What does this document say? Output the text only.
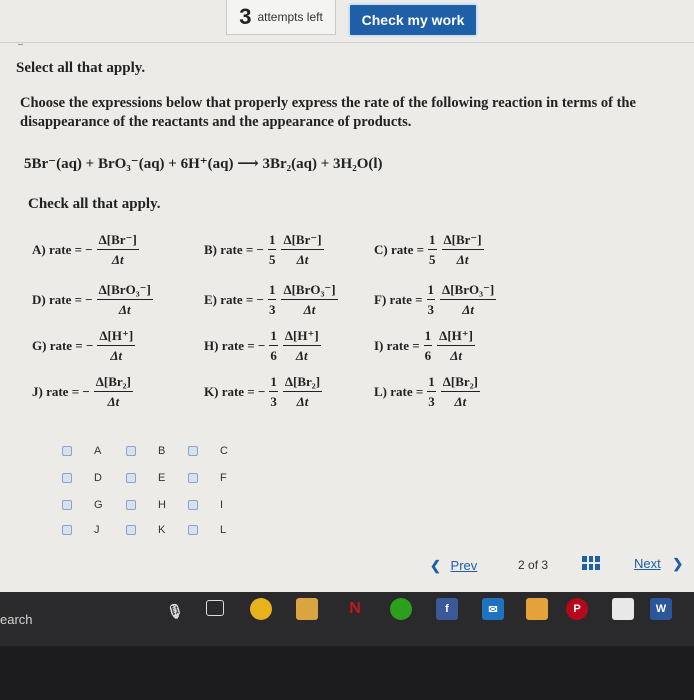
3 attempts left	Check my work
Select all that apply.
Choose the expressions below that properly express the rate of the following reaction in terms of the disappearance of the reactants and the appearance of products.
5Br⁻(aq) + BrO₃⁻(aq) + 6H⁺(aq) ⟶ 3Br₂(aq) + 3H₂O(l)
Check all that apply.
A) rate = − $\frac{\Delta[Br^-]}{\Delta t}$	B) rate = − $\frac{1}{5} \frac{\Delta[Br^-]}{\Delta t}$	C) rate = $\frac{1}{5} \frac{\Delta[Br^-]}{\Delta t}$
D) rate = − $\frac{\text{Δ[BrO₃⁻]}}{\Delta t}$	E) rate = − $\frac{1}{3} \frac{\text{Δ[BrO₃⁻]}}{\Delta t}$	F) rate = $\frac{1}{3} \frac{\text{Δ[BrO₃⁻]}}{\Delta t}$
G) rate = − $\frac{\Delta[H^+]}{\Delta t}$	H) rate = − $\frac{1}{6} \frac{\Delta[H^+]}{\Delta t}$	I) rate = $\frac{1}{6} \frac{\Delta[H^+]}{\Delta t}$
J) rate = − $\frac{\text{Δ[Br₂]}}{\Delta t}$	K) rate = − $\frac{1}{3} \frac{\text{Δ[Br₂]}}{\Delta t}$	L) rate = $\frac{1}{3} \frac{\text{Δ[Br₂]}}{\Delta t}$
A	B	C
D	E	F
G	H	I
J	K	L
❮ Prev	2 of 3	Next ❯
earch
🎙	N	f	✉	P	W
